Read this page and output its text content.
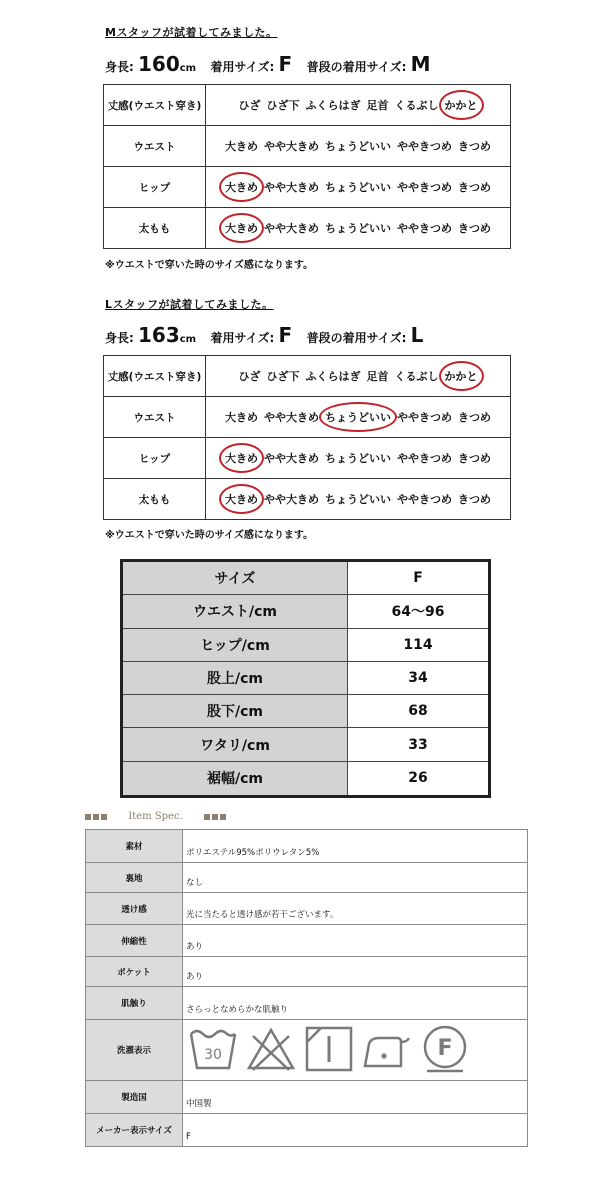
Mスタッフが試着してみました。
身長: 160cm 着用サイズ: F 普段の着用サイズ: M
丈感(ウエスト穿き)	ひざ ひざ下 ふくらはぎ 足首 くるぶし かかと
ウエスト	大きめ やや大きめ ちょうどいい ややきつめ きつめ
ヒップ	大きめ やや大きめ ちょうどいい ややきつめ きつめ
太もも	大きめ やや大きめ ちょうどいい ややきつめ きつめ
※ウエストで穿いた時のサイズ感になります。
Lスタッフが試着してみました。
身長: 163cm 着用サイズ: F 普段の着用サイズ: L
丈感(ウエスト穿き)	ひざ ひざ下 ふくらはぎ 足首 くるぶし かかと
ウエスト	大きめ やや大きめ ちょうどいい ややきつめ きつめ
ヒップ	大きめ やや大きめ ちょうどいい ややきつめ きつめ
太もも	大きめ やや大きめ ちょうどいい ややきつめ きつめ
※ウエストで穿いた時のサイズ感になります。
サイズ	F
ウエスト/cm	64〜96
ヒップ/cm	114
股上/cm	34
股下/cm	68
ワタリ/cm	33
裾幅/cm	26
Item Spec.
素材	ポリエステル95%ポリウレタン5%
裏地	なし
透け感	光に当たると透け感が若干ございます。
伸縮性	あり
ポケット	あり
肌触り	さらっとなめらかな肌触り
洗濯表示	30 F

製造国	中国製
メーカー表示サイズ	F
